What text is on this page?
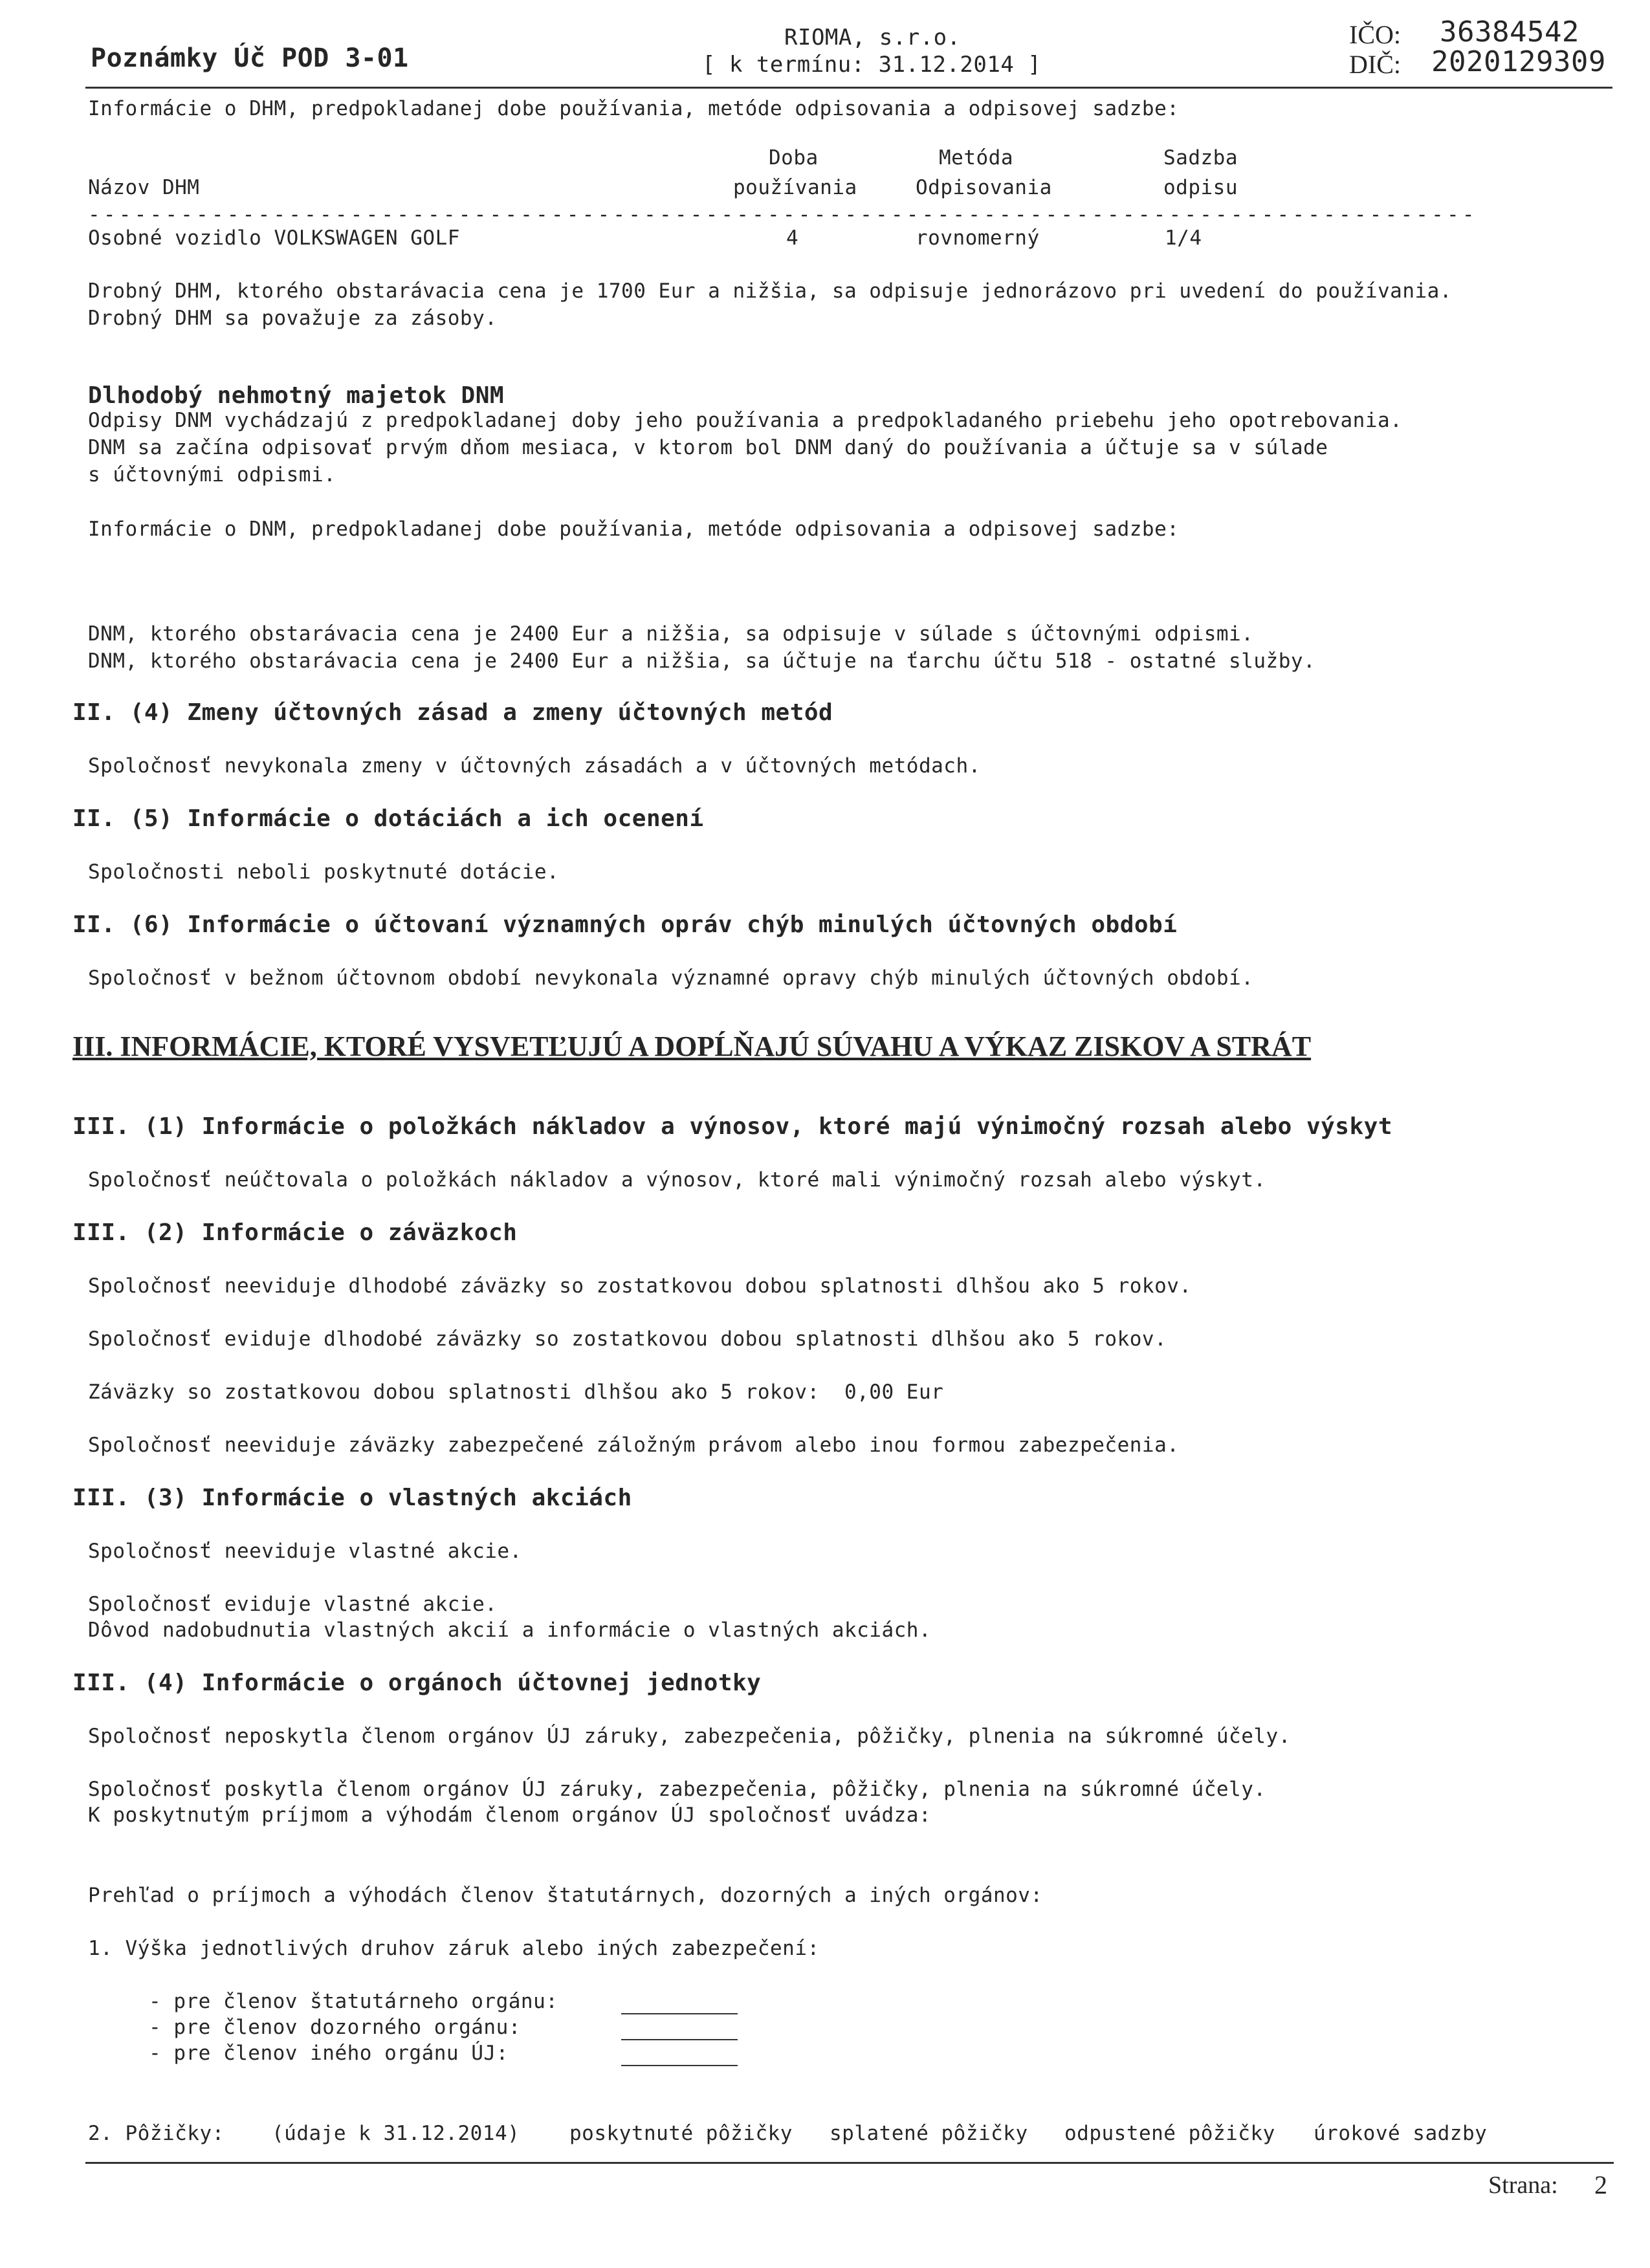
Poznámky Úč POD 3-01
RIOMA, s.r.o.
[ k termínu: 31.12.2014 ]
IČO: 36384542
DIČ: 2020129309
Informácie o DHM, predpokladanej dobe používania, metóde odpisovania a odpisovej sadzbe:
Doba	Metóda	Sadzba
Názov DHM	používania	Odpisovania	odpisu
------------------------------------------------------------------------------------------
Osobné vozidlo VOLKSWAGEN GOLF	4	rovnomerný	1/4
Drobný DHM, ktorého obstarávacia cena je 1700 Eur a nižšia, sa odpisuje jednorázovo pri uvedení do používania.
Drobný DHM sa považuje za zásoby.
Dlhodobý nehmotný majetok DNM
Odpisy DNM vychádzajú z predpokladanej doby jeho používania a predpokladaného priebehu jeho opotrebovania.
DNM sa začína odpisovať prvým dňom mesiaca, v ktorom bol DNM daný do používania a účtuje sa v súlade
s účtovnými odpismi.
Informácie o DNM, predpokladanej dobe používania, metóde odpisovania a odpisovej sadzbe:
DNM, ktorého obstarávacia cena je 2400 Eur a nižšia, sa odpisuje v súlade s účtovnými odpismi.
DNM, ktorého obstarávacia cena je 2400 Eur a nižšia, sa účtuje na ťarchu účtu 518 - ostatné služby.
II. (4) Zmeny účtovných zásad a zmeny účtovných metód
Spoločnosť nevykonala zmeny v účtovných zásadách a v účtovných metódach.
II. (5) Informácie o dotáciách a ich ocenení
Spoločnosti neboli poskytnuté dotácie.
II. (6) Informácie o účtovaní významných opráv chýb minulých účtovných období
Spoločnosť v bežnom účtovnom období nevykonala významné opravy chýb minulých účtovných období.
III. INFORMÁCIE, KTORÉ VYSVETĽUJÚ A DOPĹŇAJÚ SÚVAHU A VÝKAZ ZISKOV A STRÁT
III. (1) Informácie o položkách nákladov a výnosov, ktoré majú výnimočný rozsah alebo výskyt
Spoločnosť neúčtovala o položkách nákladov a výnosov, ktoré mali výnimočný rozsah alebo výskyt.
III. (2) Informácie o záväzkoch
Spoločnosť neeviduje dlhodobé záväzky so zostatkovou dobou splatnosti dlhšou ako 5 rokov.
Spoločnosť eviduje dlhodobé záväzky so zostatkovou dobou splatnosti dlhšou ako 5 rokov.
Záväzky so zostatkovou dobou splatnosti dlhšou ako 5 rokov:  0,00 Eur
Spoločnosť neeviduje záväzky zabezpečené záložným právom alebo inou formou zabezpečenia.
III. (3) Informácie o vlastných akciách
Spoločnosť neeviduje vlastné akcie.
Spoločnosť eviduje vlastné akcie.
Dôvod nadobudnutia vlastných akcií a informácie o vlastných akciách.
III. (4) Informácie o orgánoch účtovnej jednotky
Spoločnosť neposkytla členom orgánov ÚJ záruky, zabezpečenia, pôžičky, plnenia na súkromné účely.
Spoločnosť poskytla členom orgánov ÚJ záruky, zabezpečenia, pôžičky, plnenia na súkromné účely.
K poskytnutým príjmom a výhodám členom orgánov ÚJ spoločnosť uvádza:
Prehľad o príjmoch a výhodách členov štatutárnych, dozorných a iných orgánov:
1. Výška jednotlivých druhov záruk alebo iných zabezpečení:
- pre členov štatutárneho orgánu:
- pre členov dozorného orgánu:
- pre členov iného orgánu ÚJ:
2. Pôžičky: (údaje k 31.12.2014) poskytnuté pôžičky splatené pôžičky odpustené pôžičky úrokové sadzby
Strana: 2
